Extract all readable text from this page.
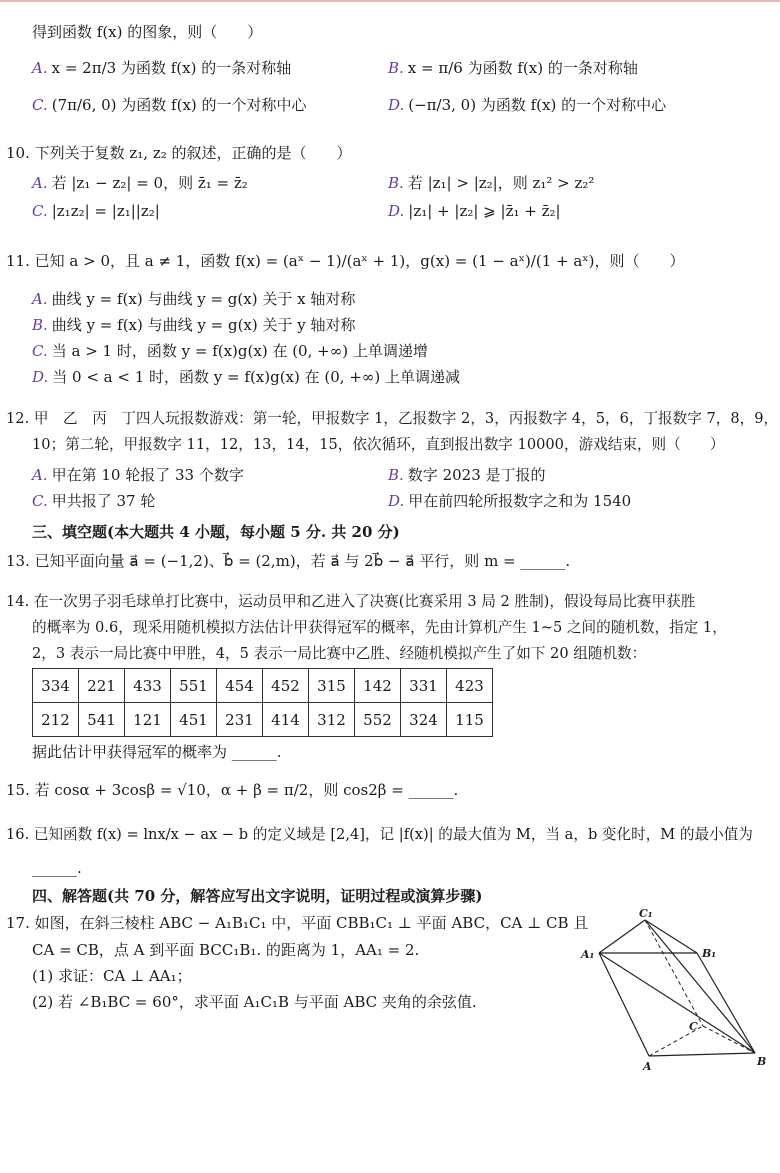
得到函数 f(x) 的图象，则（　　）
A. x = 2π/3 为函数 f(x) 的一条对称轴	B. x = π/6 为函数 f(x) 的一条对称轴
C. (7π/6, 0) 为函数 f(x) 的一个对称中心	D. (−π/3, 0) 为函数 f(x) 的一个对称中心
10. 下列关于复数 z₁, z₂ 的叙述，正确的是（　　）
A. 若 |z₁ − z₂| = 0，则 z̄₁ = z̄₂	B. 若 |z₁| > |z₂|，则 z₁² > z₂²
C. |z₁z₂| = |z₁||z₂|	D. |z₁| + |z₂| ⩾ |z̄₁ + z̄₂|
11. 已知 a > 0，且 a ≠ 1，函数 f(x) = (aˣ − 1)/(aˣ + 1)，g(x) = (1 − aˣ)/(1 + aˣ)，则（　　）
A. 曲线 y = f(x) 与曲线 y = g(x) 关于 x 轴对称
B. 曲线 y = f(x) 与曲线 y = g(x) 关于 y 轴对称
C. 当 a > 1 时，函数 y = f(x)g(x) 在 (0, +∞) 上单调递增
D. 当 0 < a < 1 时，函数 y = f(x)g(x) 在 (0, +∞) 上单调递减
12. 甲　乙　丙　丁四人玩报数游戏：第一轮，甲报数字 1，乙报数字 2，3，丙报数字 4，5，6，丁报数字 7，8，9，
10；第二轮，甲报数字 11，12，13，14，15，依次循环，直到报出数字 10000，游戏结束，则（　　）
A. 甲在第 10 轮报了 33 个数字	B. 数字 2023 是丁报的
C. 甲共报了 37 轮	D. 甲在前四轮所报数字之和为 1540
三、填空题(本大题共 4 小题，每小题 5 分. 共 20 分)
13. 已知平面向量 a⃗ = (−1,2)、b⃗ = (2,m)，若 a⃗ 与 2b⃗ − a⃗ 平行，则 m = ______.
14. 在一次男子羽毛球单打比赛中，运动员甲和乙进入了决赛(比赛采用 3 局 2 胜制)，假设每局比赛甲获胜
的概率为 0.6，现采用随机模拟方法估计甲获得冠军的概率，先由计算机产生 1~5 之间的随机数，指定 1，
2，3 表示一局比赛中甲胜，4，5 表示一局比赛中乙胜、经随机模拟产生了如下 20 组随机数：
334	221	433	551	454	452	315	142	331	423
212	541	121	451	231	414	312	552	324	115
据此估计甲获得冠军的概率为 ______.
15. 若 cosα + 3cosβ = √10，α + β = π/2，则 cos2β = ______.
16. 已知函数 f(x) = lnx/x − ax − b 的定义域是 [2,4]，记 |f(x)| 的最大值为 M，当 a，b 变化时，M 的最小值为
______.
四、解答题(共 70 分，解答应写出文字说明，证明过程或演算步骤)
17. 如图，在斜三棱柱 ABC − A₁B₁C₁ 中，平面 CBB₁C₁ ⊥ 平面 ABC，CA ⊥ CB 且
CA = CB，点 A 到平面 BCC₁B₁. 的距离为 1，AA₁ = 2.
(1) 求证：CA ⊥ AA₁；
(2) 若 ∠B₁BC = 60°，求平面 A₁C₁B 与平面 ABC 夹角的余弦值.
A₁
C₁
B₁
A	B
C
